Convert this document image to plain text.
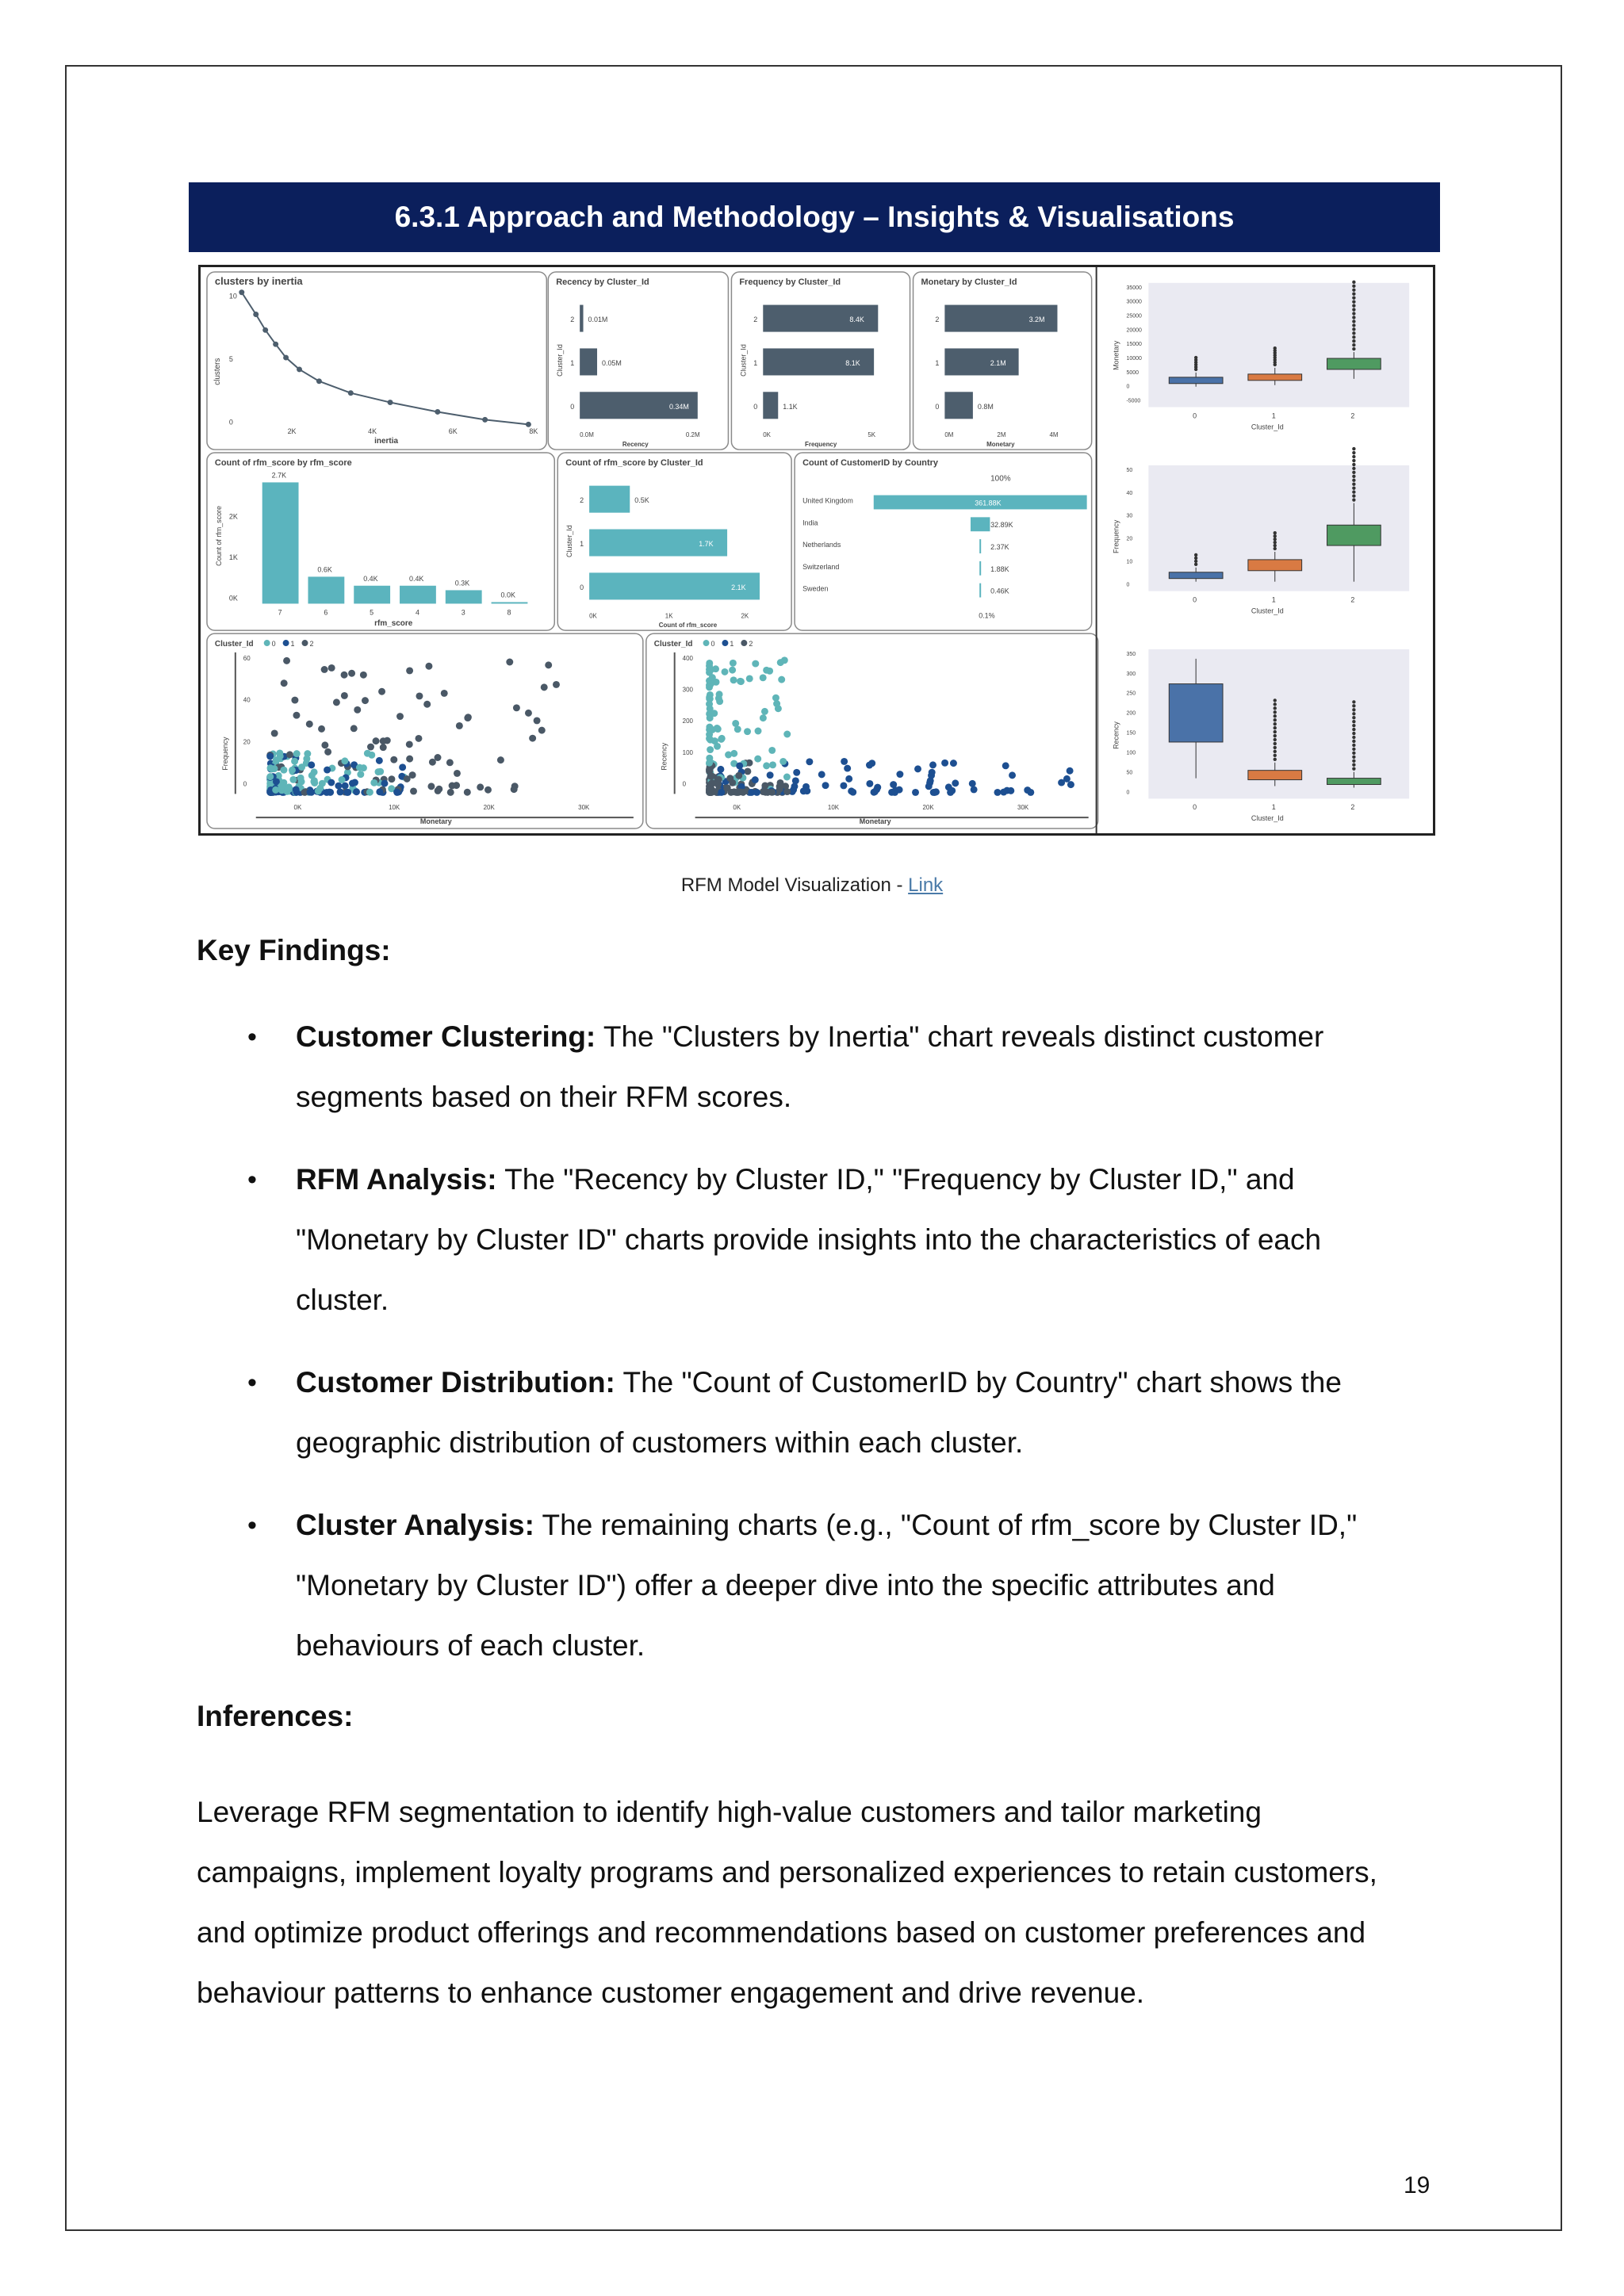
6.3.1 Approach and Methodology – Insights & Visualisations
clusters by inertia
clusters
10
5
0
2K	4K	6K	8K
inertia
Recency by Cluster_Id
Cluster_Id
2 0.01M
1	0.05M
0	0.34M
0.0M	0.2M
Recency
Frequency by Cluster_Id
Cluster_Id
2	8.4K
1	8.1K
0	1.1K
0K	5K
Frequency
Monetary by Cluster_Id
2	3.2M
1	2.1M
0	0.8M
0M	2M	4M
Monetary
Count of rfm_score by rfm_score
Count of rfm_score 2K
1K
0K
2.7K
7
0.6K
6
0.4K
5
0.4K
4
0.3K
3
0.0K
8
rfm_score
Count of rfm_score by Cluster_Id
Cluster_Id
2	0.5K
1	1.7K
0	2.1K
0K	1K	2K
Count of rfm_score
Count of CustomerID by Country
100%
United Kingdom	361.88K
India	32.89K
Netherlands	2.37K
Switzerland	1.88K
Sweden	0.46K
0.1%
Cluster_Id	0 1 2
Frequency
60
40
20
0
0K	10K	20K	30K
Monetary
Cluster_Id	0 1 2
Recency
400
300
200
100
0
0K	10K	20K	30K
Monetary
Monetary
35000
30000
25000
20000
15000
10000
5000
0
-5000
0	1	2
Cluster_Id
Frequency
50
40
30
20
10
0
0	1	2
Cluster_Id
Recency
350
300
250
200
150
100
50
0
0	1	2
Cluster_Id
RFM Model Visualization - Link
Key Findings:
• Customer Clustering: The "Clusters by Inertia" chart reveals distinct customer
segments based on their RFM scores.
• RFM Analysis: The "Recency by Cluster ID," "Frequency by Cluster ID," and
"Monetary by Cluster ID" charts provide insights into the characteristics of each
cluster.
• Customer Distribution: The "Count of CustomerID by Country" chart shows the
geographic distribution of customers within each cluster.
• Cluster Analysis: The remaining charts (e.g., "Count of rfm_score by Cluster ID,"
"Monetary by Cluster ID") offer a deeper dive into the specific attributes and
behaviours of each cluster.
Inferences:
Leverage RFM segmentation to identify high-value customers and tailor marketing
campaigns, implement loyalty programs and personalized experiences to retain customers,
and optimize product offerings and recommendations based on customer preferences and
behaviour patterns to enhance customer engagement and drive revenue.
19
